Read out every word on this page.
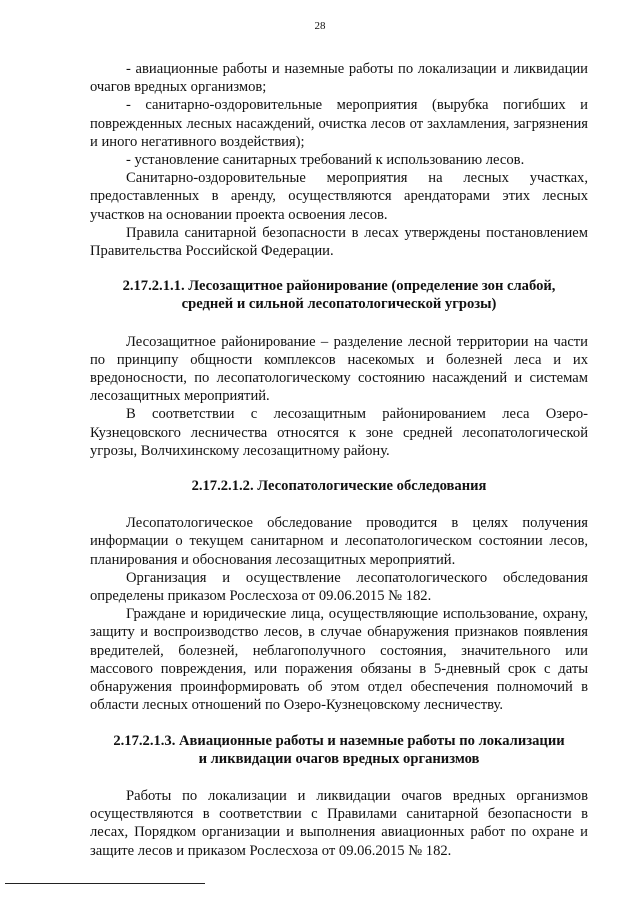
28

- авиационные работы и наземные работы по локализации и ликвидации очагов вредных организмов;

- санитарно-оздоровительные мероприятия (вырубка погибших и поврежденных лесных насаждений, очистка лесов от захламления, загрязнения и иного негативного воздействия);

- установление санитарных требований к использованию лесов.

Санитарно-оздоровительные мероприятия на лесных участках, предоставленных в аренду, осуществляются арендаторами этих лесных участков на основании проекта освоения лесов.

Правила санитарной безопасности в лесах утверждены постановлением Правительства Российской Федерации.

2.17.2.1.1. Лесозащитное районирование (определение зон слабой, средней и сильной лесопатологической угрозы)

Лесозащитное районирование – разделение лесной территории на части по принципу общности комплексов насекомых и болезней леса и их вредоносности, по лесопатологическому состоянию насаждений и системам лесозащитных мероприятий.

В соответствии с лесозащитным районированием леса Озеро-Кузнецовского лесничества относятся к зоне средней лесопатологической угрозы, Волчихинскому лесозащитному району.

2.17.2.1.2. Лесопатологические обследования

Лесопатологическое обследование проводится в целях получения информации о текущем санитарном и лесопатологическом состоянии лесов, планирования и обоснования лесозащитных мероприятий.

Организация и осуществление лесопатологического обследования определены приказом Рослесхоза от 09.06.2015 № 182.

Граждане и юридические лица, осуществляющие использование, охрану, защиту и воспроизводство лесов, в случае обнаружения признаков появления вредителей, болезней, неблагополучного состояния, значительного или массового повреждения, или поражения обязаны в 5-дневный срок с даты обнаружения проинформировать об этом отдел обеспечения полномочий в области лесных отношений по Озеро-Кузнецовскому лесничеству.

2.17.2.1.3. Авиационные работы и наземные работы по локализации и ликвидации очагов вредных организмов

Работы по локализации и ликвидации очагов вредных организмов осуществляются в соответствии с Правилами санитарной безопасности в лесах, Порядком организации и выполнения авиационных работ по охране и защите лесов и приказом Рослесхоза от 09.06.2015 № 182.
